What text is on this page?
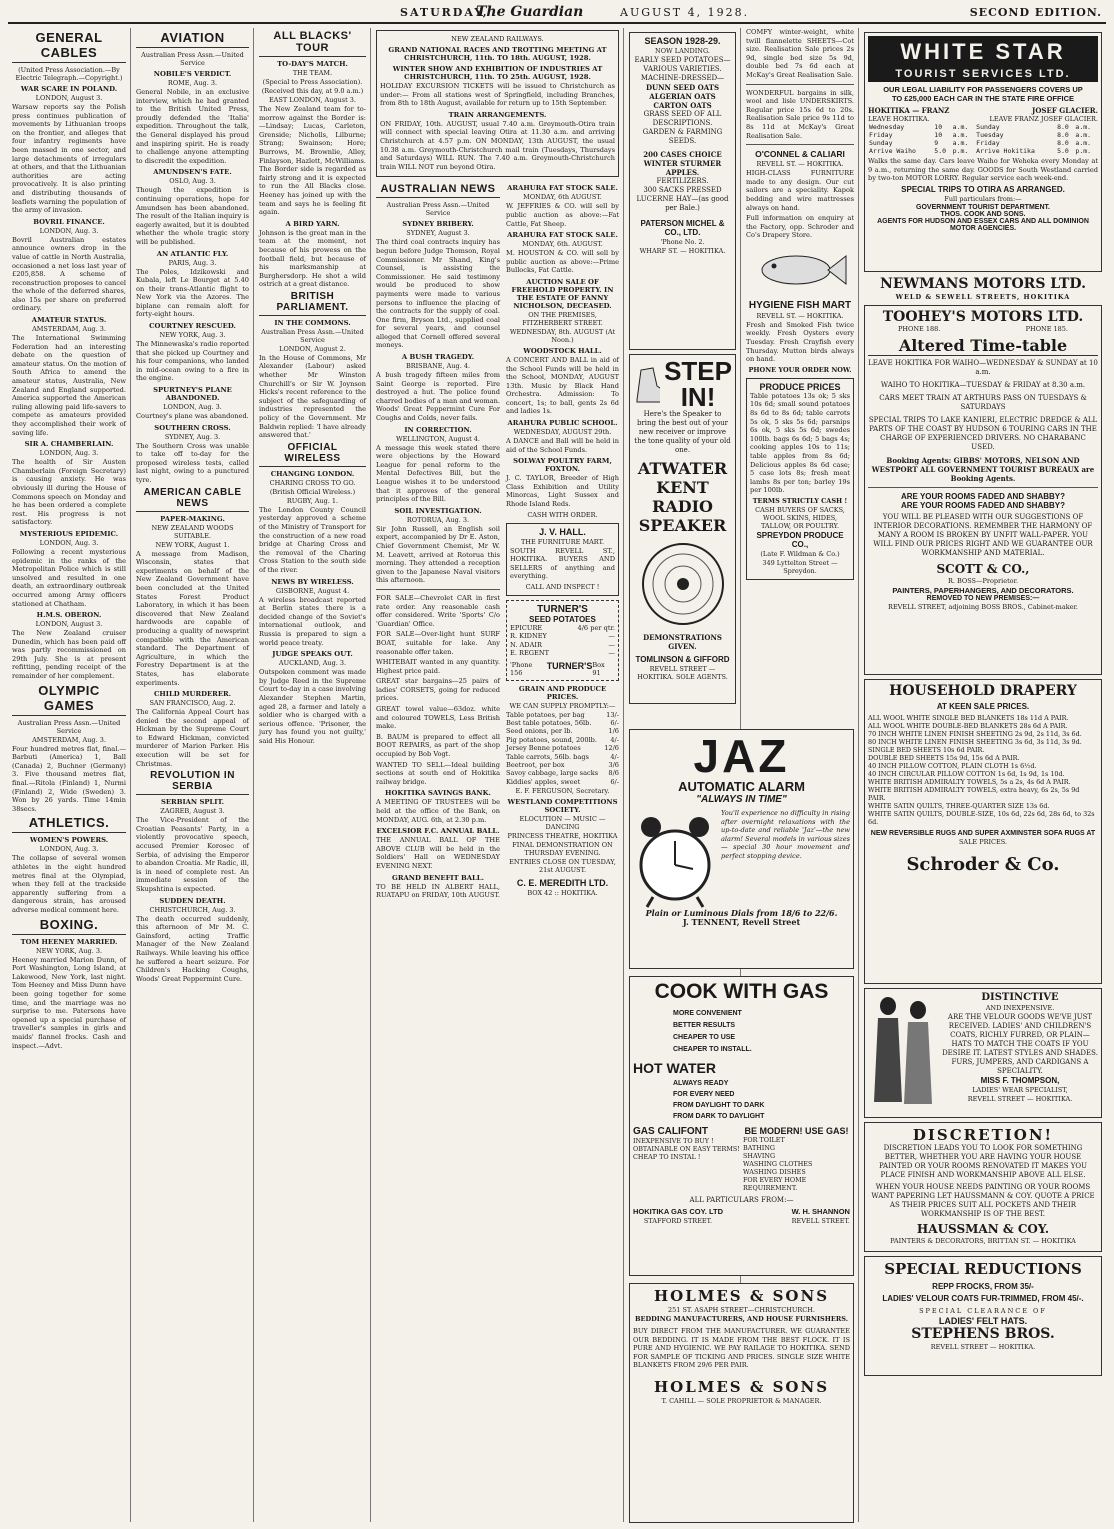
SATURDAY,
The Guardian	AUGUST 4, 1928.	SECOND EDITION.
GENERAL CABLES
(United Press Association.—By Electric Telegraph.—Copyright.)
WAR SCARE IN POLAND.
LONDON, August 3.

Warsaw reports say the Polish press continues publication of movements by Lithuanian troops on the frontier, and alleges that four infantry regiments have been massed in one sector, and large detachments of irregulars at others, and that the Lithuanian authorities are acting provocatively. It is also printing and distributing thousands of leaflets warning the population of the army of invasion.

BOVRIL FINANCE.
LONDON, Aug. 3.

Bovril Australian estates announce owners drop in the value of cattle in North Australia, occasioned a net loss last year of £205,858. A scheme of reconstruction proposes to cancel the whole of the deferred shares, also 15s per share on preferred ordinary.

AMATEUR STATUS.
AMSTERDAM, Aug. 3.

The International Swimming Federation had an interesting debate on the question of amateur status. On the motion of South Africa to amend the amateur status, Australia, New Zealand and England supported. America supported the American ruling allowing paid life-savers to compete as amateurs provided they accomplished their work of saving life.

SIR A. CHAMBERLAIN.
LONDON, Aug. 3.

The health of Sir Austen Chamberlain (Foreign Secretary) is causing anxiety. He was obviously ill during the House of Commons speech on Monday and he has been ordered a complete rest. His progress is not satisfactory.

MYSTERIOUS EPIDEMIC.
LONDON, Aug. 3.

Following a recent mysterious epidemic in the ranks of the Metropolitan Police which is still unsolved and resulted in one death, an extraordinary outbreak occurred among Army officers stationed at Chatham.

H.M.S. OBERON.
LONDON, August 3.

The New Zealand cruiser Dunedin, which has been paid off was partly recommissioned on 29th July. She is at present refitting, pending receipt of the remainder of her complement.

OLYMPIC GAMES
Australian Press Assn.—United Service
AMSTERDAM, Aug. 3.

Four hundred metres flat, final.—Barbuti (America) 1, Ball (Canada) 2, Buchner (Germany) 3. Five thousand metres flat, final.—Ritola (Finland) 1, Nurmi (Finland) 2, Wide (Sweden) 3. Won by 26 yards. Time 14min 38secs.

ATHLETICS.
WOMEN'S POWERS.
LONDON, Aug. 3.

The collapse of several women athletes in the eight hundred metres final at the Olympiad, when they fell at the trackside apparently suffering from a dangerous strain, has aroused adverse medical comment here.

BOXING.
TOM HEENEY MARRIED.
NEW YORK, Aug. 3.

Heeney married Marion Dunn, of Port Washington, Long Island, at Lakewood, New York, last night. Tom Heeney and Miss Dunn have been going together for some time, and the marriage was no surprise to me. Patersons have opened up a special purchase of traveller's samples in girls and maids' flannel frocks. Cash and inspect.—Advt.

AVIATION
Australian Press Assn.—United Service
NOBILE'S VERDICT.
ROME, Aug. 3.

General Nobile, in an exclusive interview, which he had granted to the British United Press, proudly defended the 'Italia' expedition. Throughout the talk, the General displayed his proud and inspiring spirit. He is ready to challenge anyone attempting to discredit the expedition.

AMUNDSEN'S FATE.
OSLO, Aug. 3.

Though the expedition is continuing operations, hope for Amundsen has been abandoned. The result of the Italian inquiry is eagerly awaited, but it is doubted whether the whole tragic story will be published.

AN ATLANTIC FLY.
PARIS, Aug. 3.

The Poles, Idzikowski and Kubala, left Le Bourget at 5.40 on their trans-Atlantic flight to New York via the Azores. The biplane can remain aloft for forty-eight hours.

COURTNEY RESCUED.
NEW YORK, Aug. 3.

The Minnewaska's radio reported that she picked up Courtney and his four companions, who landed in mid-ocean owing to a fire in the engine.

SPURTNEY'S PLANE ABANDONED.
LONDON, Aug. 3.

Courtney's plane was abandoned.

SOUTHERN CROSS.
SYDNEY, Aug. 3.

The Southern Cross was unable to take off to-day for the proposed wireless tests, called last night, owing to a punctured tyre.

AMERICAN CABLE NEWS
PAPER-MAKING.
NEW ZEALAND WOODS SUITABLE.
NEW YORK, August 1.

A message from Madison, Wisconsin, states that experiments on behalf of the New Zealand Government have been concluded at the United States Forest Product Laboratory, in which it has been discovered that New Zealand hardwoods are capable of producing a quality of newsprint compatible with the American standard. The Department of Agriculture, in which the Forestry Department is at the States, has elaborate experiments.

CHILD MURDERER.
SAN FRANCISCO, Aug. 2.

The California Appeal Court has denied the second appeal of Hickman by the Supreme Court to Edward Hickman, convicted murderer of Marion Parker. His execution will be set for Christmas.

REVOLUTION IN SERBIA
SERBIAN SPLIT.
ZAGREB, August 3.

The Vice-President of the Croatian Peasants' Party, in a violently provocative speech, accused Premier Korosec of Serbia, of advising the Emperor to abandon Croatia. Mr Radic, ill, is in need of complete rest. An immediate session of the Skupshtina is expected.

SUDDEN DEATH.
CHRISTCHURCH, Aug. 3.

The death occurred suddenly, this afternoon of Mr M. C. Gainsford, acting Traffic Manager of the New Zealand Railways. While leaving his office he suffered a heart seizure. For Children's Hacking Coughs, Woods' Great Peppermint Cure.

ALL BLACKS' TOUR
TO-DAY'S MATCH.
THE TEAM.
(Special to Press Association).
(Received this day, at 9.0 a.m.)
EAST LONDON, August 3.

The New Zealand team for to-morrow against the Border is:—Lindsay; Lucas, Carleton, Grenside; Nicholls, Lilburne; Strang; Swainson; Hore; Burrows, M. Brownlie, Alley, Finlayson, Hazlett, McWilliams. The Border side is regarded as fairly strong and it is expected to run the All Blacks close. Heeney has joined up with the team and says he is feeling fit again.

A BIRD YARN.

Johnson is the great man in the team at the moment, not because of his prowess on the football field, but because of his marksmanship at Burghersdorp. He shot a wild ostrich at a great distance.

BRITISH PARLIAMENT.
IN THE COMMONS.
Australian Press Assn.—United Service
LONDON, August 2.

In the House of Commons, Mr Alexander (Labour) asked whether Mr Winston Churchill's or Sir W. Joynson Hicks's recent reference to the subject of the safeguarding of industries represented the policy of the Government. Mr Baldwin replied: 'I have already answered that.'

OFFICIAL WIRELESS
CHANGING LONDON.
CHARING CROSS TO GO.
(British Official Wireless.)
RUGBY, Aug. 1.

The London County Council yesterday approved a scheme of the Ministry of Transport for the construction of a new road bridge at Charing Cross and the removal of the Charing Cross Station to the south side of the river.

NEWS BY WIRELESS.
GISBORNE, August 4.

A wireless broadcast reported at Berlin states there is a decided change of the Soviet's international outlook, and Russia is prepared to sign a world peace treaty.

JUDGE SPEAKS OUT.
AUCKLAND, Aug. 3.

Outspoken comment was made by Judge Reed in the Supreme Court to-day in a case involving Alexander Stephen Martin, aged 28, a farmer and lately a soldier who is charged with a serious offence. 'Prisoner, the jury has found you not guilty,' said His Honour.

NEW ZEALAND RAILWAYS.
GRAND NATIONAL RACES AND TROTTING MEETING AT CHRISTCHURCH, 11th. TO 18th. AUGUST, 1928.
WINTER SHOW AND EXHIBITION OF INDUSTRIES AT CHRISTCHURCH, 11th. TO 25th. AUGUST, 1928.

HOLIDAY EXCURSION TICKETS will be issued to Christchurch as under:— From all stations west of Springfield, including Branches, from 8th to 18th August, available for return up to 15th September.

TRAIN ARRANGEMENTS.

ON FRIDAY, 10th. AUGUST, usual 7.40 a.m. Greymouth-Otira train will connect with special leaving Otira at 11.30 a.m. and arriving Christchurch at 4.57 p.m. ON MONDAY, 13th AUGUST, the usual 10.38 a.m. Greymouth-Christchurch mail train (Tuesdays, Thursdays and Saturdays) WILL RUN. The 7.40 a.m. Greymouth-Christchurch train WILL NOT run beyond Otira.

AUSTRALIAN NEWS
Australian Press Assn.—United Service
SYDNEY BRIBERY.
SYDNEY, August 3.

The third coal contracts inquiry has begun before Judge Thomson, Royal Commissioner. Mr Shand, King's Counsel, is assisting the Commissioner. He said testimony would be produced to show payments were made to various persons to influence the placing of the contracts for the supply of coal. One firm, Bryson Ltd., supplied coal for several years, and counsel alleged that Cornell offered several moneys.

A BUSH TRAGEDY.
BRISBANE, Aug. 4.

A bush tragedy fifteen miles from Saint George is reported. Fire destroyed a hut. The police found charred bodies of a man and woman. Woods' Great Peppermint Cure For Coughs and Colds, never fails.

IN CORRECTION.
WELLINGTON, August 4.

A message this week stated there were objections by the Howard League for penal reform to the Mental Defectives Bill, but the League wishes it to be understood that it approves of the general principles of the Bill.

SOIL INVESTIGATION.
ROTORUA, Aug. 3.

Sir John Russell, an English soil expert, accompanied by Dr E. Aston, Chief Government Chemist, Mr W. M. Leavett, arrived at Rotorua this morning. They attended a reception given to the Japanese Naval visitors this afternoon.

FOR SALE—Chevrolet CAR in first rate order. Any reasonable cash offer considered. Write 'Sports' C/o 'Guardian' Office.

FOR SALE—Over-light hunt SURF BOAT, suitable for lake. Any reasonable offer taken.

WHITEBAIT wanted in any quantity. Highest price paid.

GREAT star bargains—25 pairs of ladies' CORSETS, going for reduced prices.

GREAT towel value—63doz. white and coloured TOWELS, Less British make.

B. BAUM is prepared to effect all BOOT REPAIRS, as part of the shop occupied by Bob Vogt.

WANTED TO SELL—Ideal building sections at south end of Hokitika railway bridge.

HOKITIKA SAVINGS BANK.

A MEETING OF TRUSTEES will be held at the office of the Bank, on MONDAY, AUG. 6th, at 2.30 p.m.

EXCELSIOR F.C. ANNUAL BALL.

THE ANNUAL BALL OF THE ABOVE CLUB will be held in the Soldiers' Hall on WEDNESDAY EVENING NEXT.

GRAND BENEFIT BALL.

TO BE HELD IN ALBERT HALL, RUATAPU on FRIDAY, 10th AUGUST.

ARAHURA FAT STOCK SALE.
MONDAY, 6th AUGUST.

W. JEFFRIES & CO. will sell by public auction as above:—Fat Cattle, Fat Sheep.

ARAHURA FAT STOCK SALE.
MONDAY, 6th. AUGUST.

M. HOUSTON & CO. will sell by public auction as above:—Prime Bullocks, Fat Cattle.

AUCTION SALE OF FREEHOLD PROPERTY. IN THE ESTATE OF FANNY NICHOLSON, DECEASED.
ON THE PREMISES, FITZHERBERT STREET.
WEDNESDAY, 8th. AUGUST (At Noon.)
WOODSTOCK HALL.

A CONCERT AND BALL in aid of the School Funds will be held in the School, MONDAY, AUGUST 13th. Music by Black Hand Orchestra. Admission: To concert, 1s; to ball, gents 2s 6d and ladies 1s.

ARAHURA PUBLIC SCHOOL.
WEDNESDAY, AUGUST 29th.

A DANCE and Ball will be held in aid of the School Funds.

SOLWAY POULTRY FARM, FOXTON.

J. C. TAYLOR, Breeder of High Class Exhibition and Utility Minorcas, Light Sussex and Rhode Island Reds.

CASH WITH ORDER.
J. V. HALL.
THE FURNITURE MART.

SOUTH REVELL ST., HOKITIKA. BUYERS AND SELLERS of anything and everything.

CALL AND INSPECT !
TURNER'S
SEED POTATOES
EPICURE	4/6 per qtr.
R. KIDNEY	—
N. ADAIR	—
E. REGENT	—
'Phone 156
TURNER'S Box 91
GRAIN AND PRODUCE PRICES.
WE CAN SUPPLY PROMPTLY:—
Table potatoes, per bag	13/-
Best table potatoes, 56lb.	6/-
Seed onions, per lb.	1/6
Pig potatoes, sound, 200lb. 4/-
Jersey Benne potatoes	12/6
Table carrots, 56lb. bags	4/-
Beetroot, per box	3/6
Savoy cabbage, large sacks 8/6
Kiddies' apples, sweet	6/-
E. F. FERGUSON, Secretary.
WESTLAND COMPETITIONS SOCIETY.
ELOCUTION — MUSIC — DANCING
PRINCESS THEATRE, HOKITIKA
FINAL DEMONSTRATION ON THURSDAY EVENING.
ENTRIES CLOSE ON TUESDAY, 21st AUGUST.
C. E. MEREDITH LTD.
BOX 42 :: HOKITIKA.
SEASON 1928-29.
NOW LANDING.
EARLY SEED POTATOES— VARIOUS VARIETIES. MACHINE-DRESSED—
DUNN SEED OATS ALGERIAN OATS CARTON OATS
GRASS SEED OF ALL DESCRIPTIONS.
GARDEN & FARMING SEEDS.
200 CASES CHOICE WINTER STURMER APPLES.
FERTILIZERS.
300 SACKS PRESSED LUCERNE HAY—(as good per Bale.)
PATERSON MICHEL & CO., LTD.
'Phone No. 2.
WHARF ST. — HOKITIKA.
STEP
IN!
Here's the Speaker to bring the best out of your new receiver or improve the tone quality of your old one.
ATWATER KENT RADIO SPEAKER
DEMONSTRATIONS GIVEN.
TOMLINSON & GIFFORD
REVELL STREET — HOKITIKA. SOLE AGENTS.
JAZ
AUTOMATIC ALARM
"ALWAYS IN TIME"

You'll experience no difficulty in rising after overnight relaxations with the up-to-date and reliable 'Jaz'—the new alarm! Several models in various sizes — special 30 hour movement and perfect stopping device.

Plain or Luminous Dials from 18/6 to 22/6.
J. TENNENT, Revell Street
COOK WITH GAS
MORE CONVENIENT
BETTER RESULTS
CHEAPER TO USE
CHEAPER TO INSTALL.
HOT WATER
ALWAYS READY
FOR EVERY NEED
FROM DAYLIGHT TO DARK
FROM DARK TO DAYLIGHT
GAS CALIFONT
INEXPENSIVE TO BUY !
OBTAINABLE ON EASY TERMS!
CHEAP TO INSTAL !
BE MODERN! USE GAS!
FOR TOILET
BATHING
SHAVING
WASHING CLOTHES
WASHING DISHES
FOR EVERY HOME REQUIREMENT.
ALL PARTICULARS FROM:—
HOKITIKA GAS COY. LTD
STAFFORD STREET.
W. H. SHANNON
REVELL STREET.
HOLMES & SONS
251 ST. ASAPH STREET—CHRISTCHURCH.
BEDDING MANUFACTURERS, AND HOUSE FURNISHERS.

BUY DIRECT FROM THE MANUFACTURER. WE GUARANTEE OUR BEDDING. IT IS MADE FROM THE BEST FLOCK. IT IS PURE AND HYGIENIC. WE PAY RAILAGE TO HOKITIKA. SEND FOR SAMPLE OF TICKING AND PRICES. SINGLE SIZE WHITE BLANKETS FROM 29/6 PER PAIR.

HOLMES & SONS
T. CAHILL — SOLE PROPRIETOR & MANAGER.

COMFY winter-weight, white twill flannelette SHEETS—Cot size. Realisation Sale prices 2s 9d, single bed size 5s 9d, double bed 7s 6d each at McKay's Great Realisation Sale.

WONDERFUL bargains in silk, wool and lisle UNDERSKIRTS. Regular price 15s 6d to 20s. Realisation Sale price 9s 11d to 8s 11d at McKay's Great Realisation Sale.

O'CONNEL & CALIARI
REVELL ST. — HOKITIKA.

HIGH-CLASS FURNITURE made to any design. Our cut sailors are a speciality. Kapok bedding and wire mattresses always on hand.

Full information on enquiry at the Factory, opp. Schroder and Co's Drapery Store.

HYGIENE FISH MART
REVELL ST. — HOKITIKA.

Fresh and Smoked Fish twice weekly. Fresh Oysters every Tuesday. Fresh Crayfish every Thursday. Mutton birds always on hand.

PHONE YOUR ORDER NOW.
PRODUCE PRICES

Table potatoes 13s ok; 5 sks 10s 6d; small sound potatoes 8s 6d to 8s 6d; table carrots 5s ok, 5 sks 5s 6d; parsnips 6s ok, 5 sks 5s 6d; swedes 100lb. bags 6s 6d; 5 bags 4s; cooking apples 10s to 11s; table apples from 8s 6d; Delicious apples 8s 6d case; 5 case lots 8s; fresh meat lambs 8s per ton; barley 19s per 100lb.

TERMS STRICTLY CASH !
CASH BUYERS OF SACKS, WOOL SKINS, HIDES, TALLOW, OR POULTRY.
SPREYDON PRODUCE CO.,
(Late F. Wildman & Co.)
349 Lyttelton Street — Spreydon.
WHITE STAR
TOURIST SERVICES LTD.
OUR LEGAL LIABILITY FOR PASSENGERS COVERS UP
TO £25,000 EACH CAR IN THE STATE FIRE OFFICE
HOKITIKA — FRANZ	JOSEF GLACIER.
LEAVE HOKITIKA.	LEAVE FRANZ JOSEF GLACIER.
Wednesday	10	a.m.	Sunday	8.0	a.m.
Friday	10	a.m.	Tuesday	8.0	a.m.
Sunday	9	a.m.	Friday	8.0	a.m.
Arrive Waiho	5.0	p.m.	Arrive Hokitika	5.0	p.m.

Walks the same day. Cars leave Waiho for Weheka every Monday at 9 a.m., returning the same day. GOODS for South Westland carried by two-ton MOTOR LORRY. Regular service each week-end.

SPECIAL TRIPS TO OTIRA AS ARRANGED.
Full particulars from:—
GOVERNMENT TOURIST DEPARTMENT.
THOS. COOK AND SONS.
AGENTS FOR HUDSON AND ESSEX CARS AND ALL DOMINION MOTOR AGENCIES.
NEWMANS MOTORS LTD.
WELD & SEWELL STREETS, HOKITIKA
TOOHEY'S MOTORS LTD.
PHONE 188.	PHONE 185.
Altered Time-table
LEAVE HOKITIKA FOR WAIHO—WEDNESDAY & SUNDAY at 10 a.m.
WAIHO TO HOKITIKA—TUESDAY & FRIDAY at 8.30 a.m.
CARS MEET TRAIN AT ARTHURS PASS ON TUESDAYS & SATURDAYS
SPECIAL TRIPS TO LAKE KANIERI, ELECTRIC DREDGE & ALL PARTS OF THE COAST BY HUDSON 6 TOURING CARS IN THE CHARGE OF EXPERIENCED DRIVERS. NO CHARABANC USED.
Booking Agents: GIBBS' MOTORS, NELSON AND WESTPORT ALL GOVERNMENT TOURIST BUREAUX are Booking Agents.
ARE YOUR ROOMS FADED AND SHABBY?
ARE YOUR ROOMS FADED AND SHABBY?
YOU WILL BE PLEASED WITH OUR SUGGESTIONS OF INTERIOR DECORATIONS. REMEMBER THE HARMONY OF MANY A ROOM IS BROKEN BY UNFIT WALL-PAPER. YOU WILL FIND OUR PRICES RIGHT AND WE GUARANTEE OUR WORKMANSHIP AND MATERIAL.
SCOTT & CO.,
R. BOSS—Proprietor.
PAINTERS, PAPERHANGERS, AND DECORATORS.
REMOVED TO NEW PREMISES:—
REVELL STREET, adjoining BOSS BROS., Cabinet-maker.
HOUSEHOLD DRAPERY
AT KEEN SALE PRICES.
ALL WOOL WHITE SINGLE BED BLANKETS 18s 11d A PAIR.
ALL WOOL WHITE DOUBLE-BED BLANKETS 28s 6d A PAIR.
70 INCH WHITE LINEN FINISH SHEETING 2s 9d, 2s 11d, 3s 6d.
80 INCH WHITE LINEN FINISH SHEETING 3s 6d, 3s 11d, 3s 9d.
SINGLE BED SHEETS 10s 6d PAIR.
DOUBLE BED SHEETS 15s 9d, 15s 6d A PAIR.
40 INCH PILLOW COTTON, PLAIN CLOTH 1s 6½d.
40 INCH CIRCULAR PILLOW COTTON 1s 6d, 1s 9d, 1s 10d.
WHITE BRITISH ADMIRALTY TOWELS, 5s a 2s, 4s 6d A PAIR.
WHITE BRITISH ADMIRALTY TOWELS, extra heavy, 6s 2s, 5s 9d PAIR.
WHITE SATIN QUILTS, THREE-QUARTER SIZE 13s 6d.
WHITE SATIN QUILTS, DOUBLE-SIZE, 10s 6d, 22s 6d, 28s 6d, to 32s 6d.
NEW REVERSIBLE RUGS AND SUPER AXMINSTER SOFA RUGS AT
SALE PRICES.
Schroder & Co.
DISTINCTIVE
AND INEXPENSIVE.
ARE THE VELOUR GOODS WE'VE JUST RECEIVED. LADIES' AND CHILDREN'S COATS, RICHLY FURRED, OR PLAIN—HATS TO MATCH THE COATS IF YOU DESIRE IT. LATEST STYLES AND SHADES.
FURS, JUMPERS, AND CARDIGANS A SPECIALITY.
MISS F. THOMPSON,
LADIES' WEAR SPECIALIST,
REVELL STREET — HOKITIKA.
DISCRETION!
DISCRETION LEADS YOU TO LOOK FOR SOMETHING BETTER, WHETHER YOU ARE HAVING YOUR HOUSE PAINTED OR YOUR ROOMS RENOVATED IT MAKES YOU PLACE FINISH AND WORKMANSHIP ABOVE ALL ELSE.
WHEN YOUR HOUSE NEEDS PAINTING OR YOUR ROOMS WANT PAPERING LET HAUSSMANN & COY. QUOTE A PRICE AS THEIR PRICES SUIT ALL POCKETS AND THEIR WORKMANSHIP IS OF THE BEST.
HAUSSMAN & COY.
PAINTERS & DECORATORS, BRITTAN ST. — HOKITIKA
SPECIAL REDUCTIONS
REPP FROCKS, FROM 35/-
LADIES' VELOUR COATS FUR-TRIMMED, FROM 45/-.
SPECIAL CLEARANCE OF
LADIES' FELT HATS.
STEPHENS BROS.
REVELL STREET — HOKITIKA.
